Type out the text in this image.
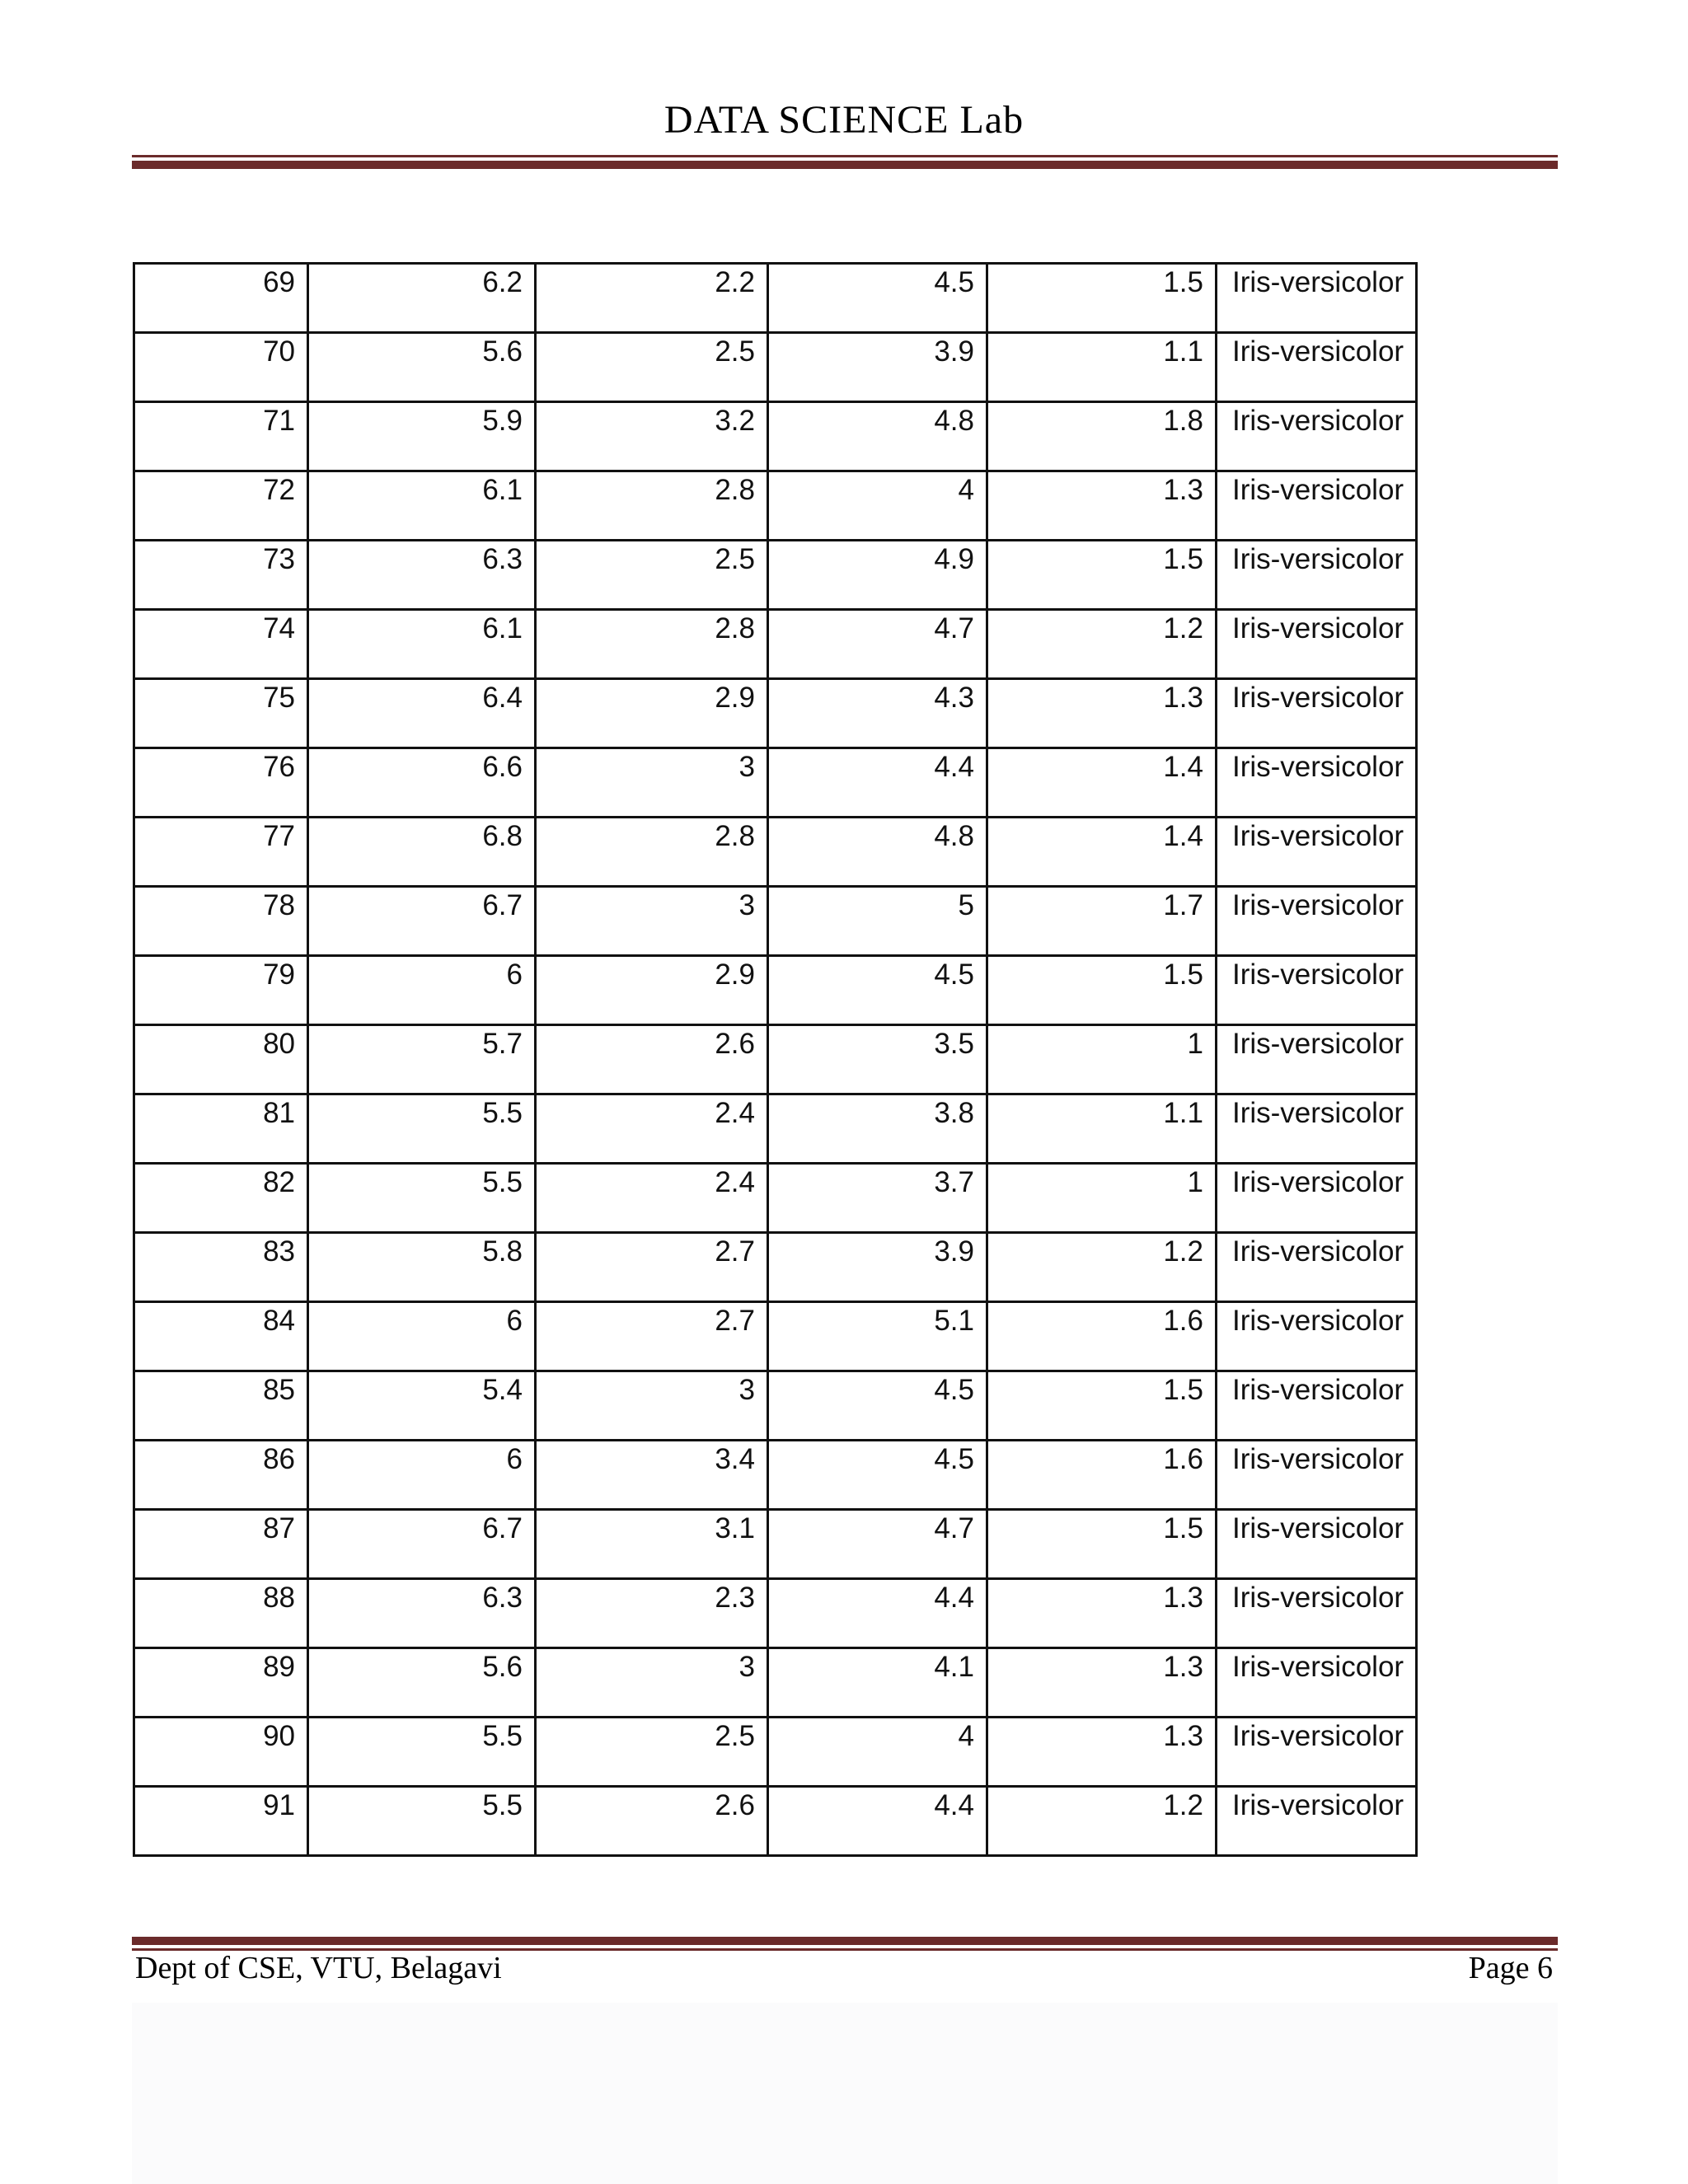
DATA SCIENCE Lab
69	6.2	2.2	4.5	1.5	Iris-versicolor
70	5.6	2.5	3.9	1.1	Iris-versicolor
71	5.9	3.2	4.8	1.8	Iris-versicolor
72	6.1	2.8	4	1.3	Iris-versicolor
73	6.3	2.5	4.9	1.5	Iris-versicolor
74	6.1	2.8	4.7	1.2	Iris-versicolor
75	6.4	2.9	4.3	1.3	Iris-versicolor
76	6.6	3	4.4	1.4	Iris-versicolor
77	6.8	2.8	4.8	1.4	Iris-versicolor
78	6.7	3	5	1.7	Iris-versicolor
79	6	2.9	4.5	1.5	Iris-versicolor
80	5.7	2.6	3.5	1	Iris-versicolor
81	5.5	2.4	3.8	1.1	Iris-versicolor
82	5.5	2.4	3.7	1	Iris-versicolor
83	5.8	2.7	3.9	1.2	Iris-versicolor
84	6	2.7	5.1	1.6	Iris-versicolor
85	5.4	3	4.5	1.5	Iris-versicolor
86	6	3.4	4.5	1.6	Iris-versicolor
87	6.7	3.1	4.7	1.5	Iris-versicolor
88	6.3	2.3	4.4	1.3	Iris-versicolor
89	5.6	3	4.1	1.3	Iris-versicolor
90	5.5	2.5	4	1.3	Iris-versicolor
91	5.5	2.6	4.4	1.2	Iris-versicolor
Dept of CSE, VTU, Belagavi	Page 6
